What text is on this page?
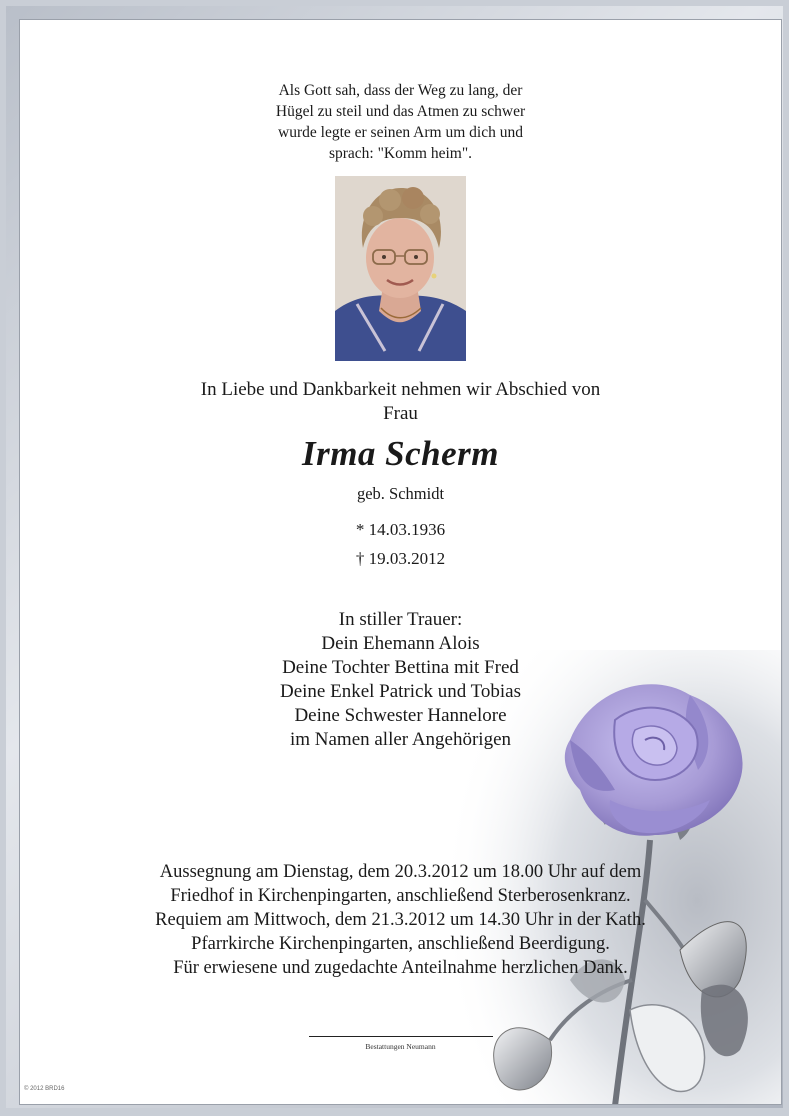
Als Gott sah, dass der Weg zu lang, der
Hügel zu steil und das Atmen zu schwer
wurde legte er seinen Arm um dich und
sprach: "Komm heim".
In Liebe und Dankbarkeit nehmen wir Abschied von
Frau
Irma Scherm
geb. Schmidt
* 14.03.1936
† 19.03.2012
In stiller Trauer:
Dein Ehemann Alois
Deine Tochter Bettina mit Fred
Deine Enkel Patrick und Tobias
Deine Schwester Hannelore
im Namen aller Angehörigen
Aussegnung am Dienstag, dem 20.3.2012 um 18.00 Uhr auf dem
Friedhof in Kirchenpingarten, anschließend Sterberosenkranz.
Requiem am Mittwoch, dem 21.3.2012 um 14.30 Uhr in der Kath.
Pfarrkirche Kirchenpingarten, anschließend Beerdigung.
Für erwiesene und zugedachte Anteilnahme herzlichen Dank.
Bestattungen Neumann
© 2012 BRD16
